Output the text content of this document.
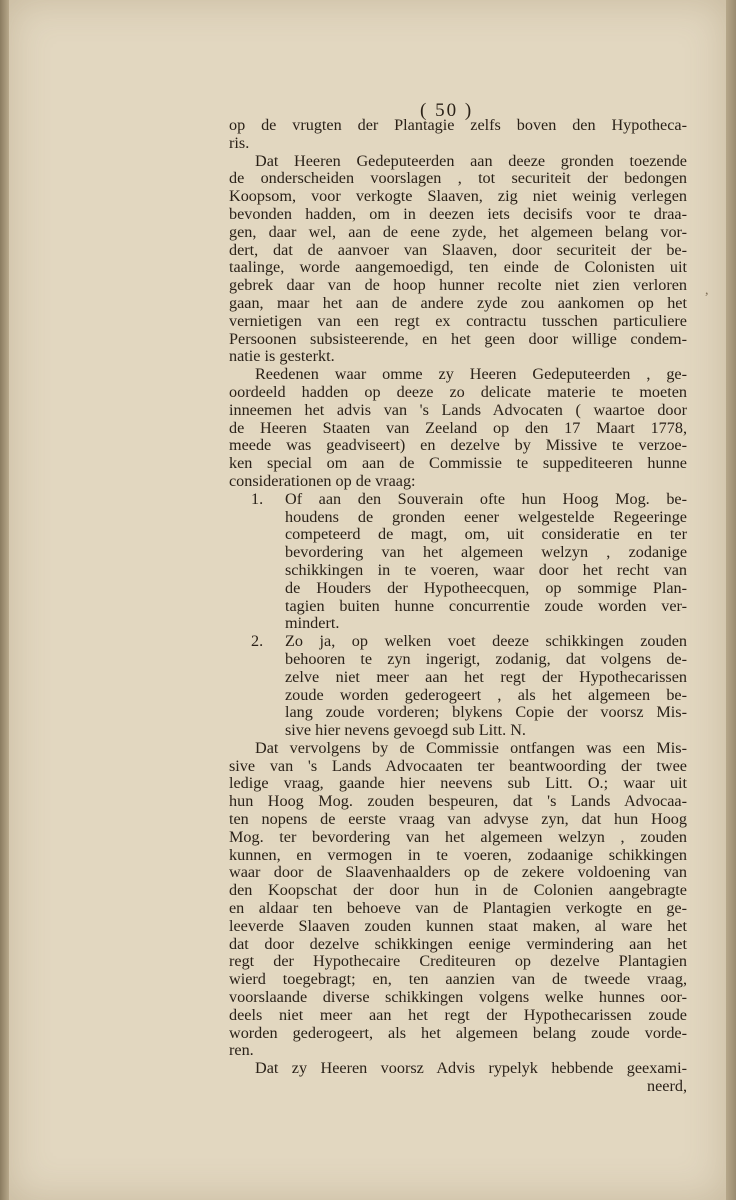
( 50 )
,
op de vrugten der Plantagie zelfs boven den Hypotheca-
ris.
Dat Heeren Gedeputeerden aan deeze gronden toezende
de onderscheiden voorslagen , tot securiteit der bedongen
Koopsom, voor verkogte Slaaven, zig niet weinig verlegen
bevonden hadden, om in deezen iets decisifs voor te draa-
gen, daar wel, aan de eene zyde, het algemeen belang vor-
dert, dat de aanvoer van Slaaven, door securiteit der be-
taalinge, worde aangemoedigd, ten einde de Colonisten uit
gebrek daar van de hoop hunner recolte niet zien verloren
gaan, maar het aan de andere zyde zou aankomen op het
vernietigen van een regt ex contractu tusschen particuliere
Persoonen subsisteerende, en het geen door willige condem-
natie is gesterkt.
Reedenen waar omme zy Heeren Gedeputeerden , ge-
oordeeld hadden op deeze zo delicate materie te moeten
inneemen het advis van 's Lands Advocaten ( waartoe door
de Heeren Staaten van Zeeland op den 17 Maart 1778,
meede was geadviseert) en dezelve by Missive te verzoe-
ken special om aan de Commissie te suppediteeren hunne
considerationen op de vraag:
1. Of aan den Souverain ofte hun Hoog Mog. be-
houdens de gronden eener welgestelde Regeeringe
competeerd de magt, om, uit consideratie en ter
bevordering van het algemeen welzyn , zodanige
schikkingen in te voeren, waar door het recht van
de Houders der Hypotheecquen, op sommige Plan-
tagien buiten hunne concurrentie zoude worden ver-
mindert.
2. Zo ja, op welken voet deeze schikkingen zouden
behooren te zyn ingerigt, zodanig, dat volgens de-
zelve niet meer aan het regt der Hypothecarissen
zoude worden gederogeert , als het algemeen be-
lang zoude vorderen; blykens Copie der voorsz Mis-
sive hier nevens gevoegd sub Litt. N.
Dat vervolgens by de Commissie ontfangen was een Mis-
sive van 's Lands Advocaaten ter beantwoording der twee
ledige vraag, gaande hier neevens sub Litt. O.; waar uit
hun Hoog Mog. zouden bespeuren, dat 's Lands Advocaa-
ten nopens de eerste vraag van advyse zyn, dat hun Hoog
Mog. ter bevordering van het algemeen welzyn , zouden
kunnen, en vermogen in te voeren, zodaanige schikkingen
waar door de Slaavenhaalders op de zekere voldoening van
den Koopschat der door hun in de Colonien aangebragte
en aldaar ten behoeve van de Plantagien verkogte en ge-
leeverde Slaaven zouden kunnen staat maken, al ware het
dat door dezelve schikkingen eenige vermindering aan het
regt der Hypothecaire Crediteuren op dezelve Plantagien
wierd toegebragt; en, ten aanzien van de tweede vraag,
voorslaande diverse schikkingen volgens welke hunnes oor-
deels niet meer aan het regt der Hypothecarissen zoude
worden gederogeert, als het algemeen belang zoude vorde-
ren.
Dat zy Heeren voorsz Advis rypelyk hebbende geexami-
neerd,
